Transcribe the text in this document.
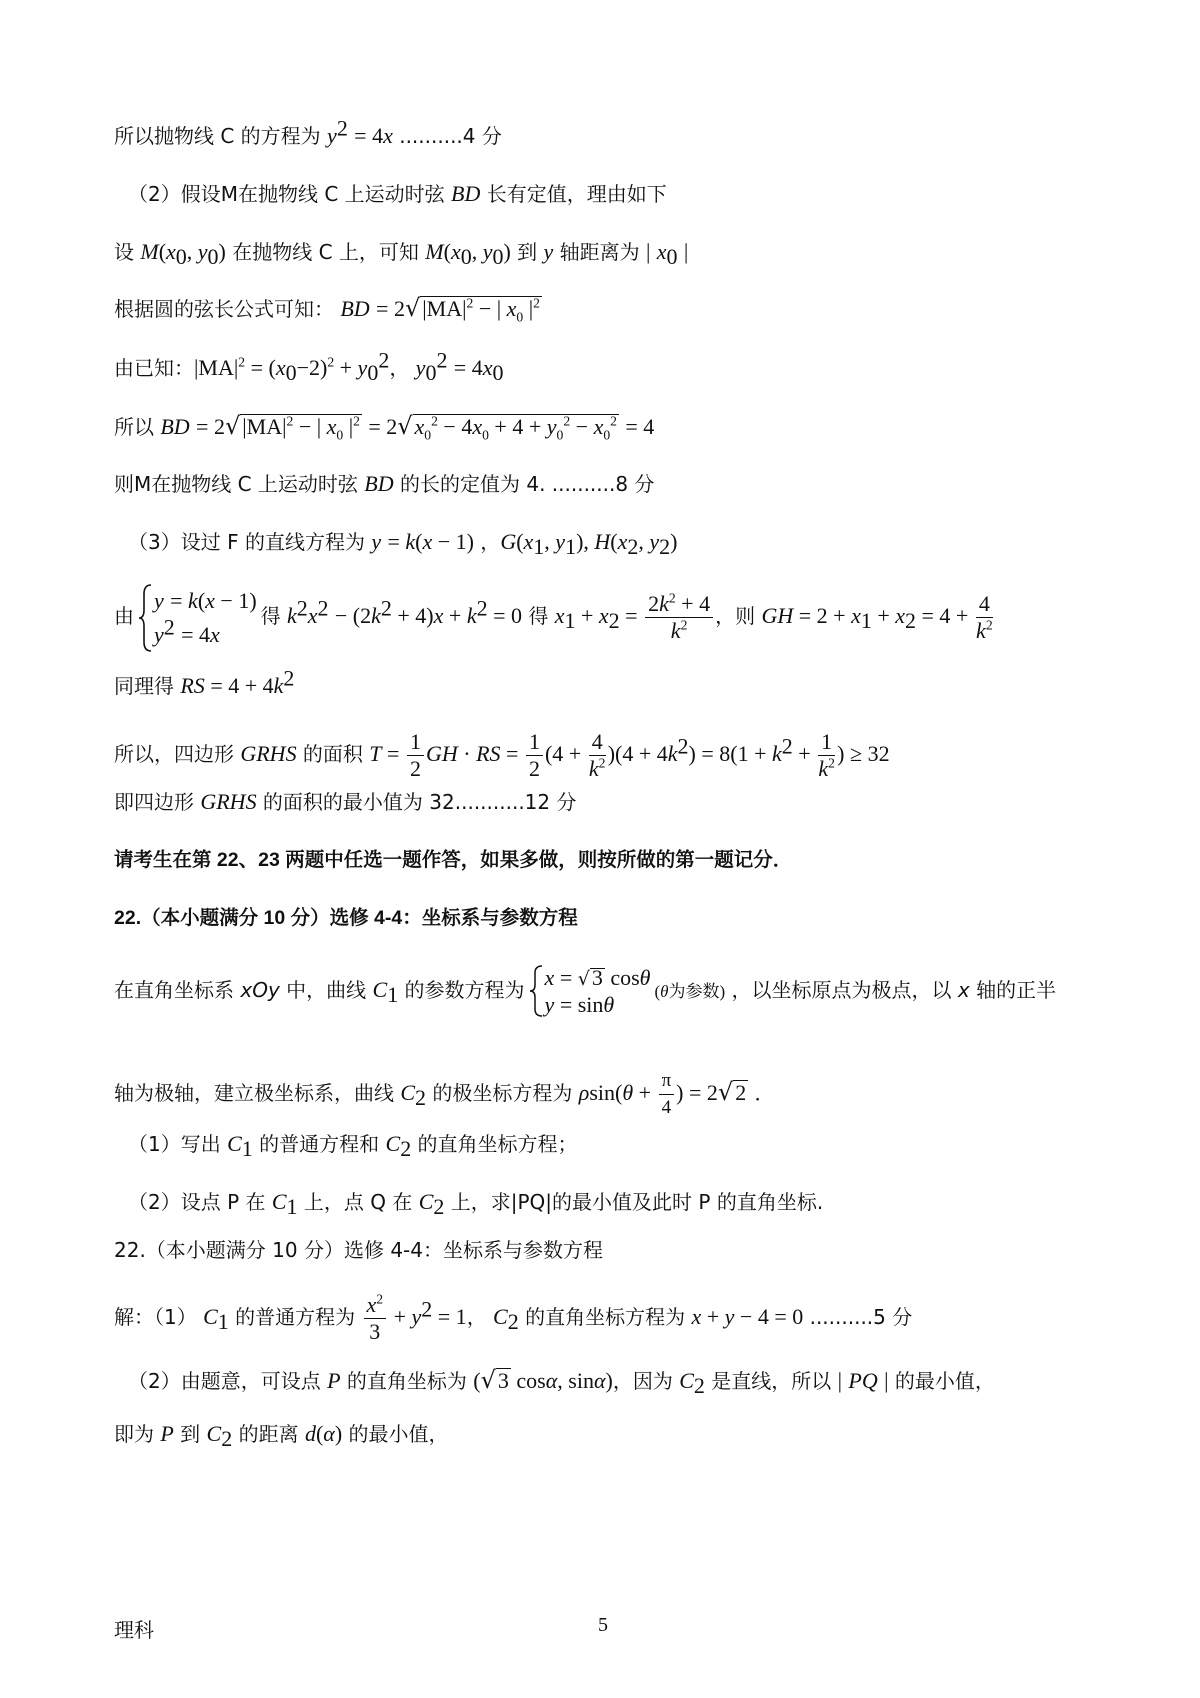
所以抛物线 C 的方程为 $y^2 = 4x$ ..........4 分
（2）假设M在抛物线 C 上运动时弦 BD 长有定值，理由如下
设 $M(x_0$, $y_0$) 在抛物线 C 上，可知 $M(x_0$, $y_0$) 到 y 轴距离为 | $x_0$ |
根据圆的弦长公式可知： BD = $2√|MA|^2$ − | $x_0$ $|^2$
由已知：$|MA|^2 = (x_0-2)^2 + y_0^2$， $y_0^2 = 4x_0$
所以 BD = $2√|MA|^2$ − | $x_0$ $|^2 = 2√x_0^2 - 4x_0 + 4 + y_0^2 - x_0^2 = 4$
则M在抛物线 C 上运动时弦 BD 的长的定值为 4. ..........8 分
（3）设过 F 的直线方程为 y = k(x − 1) ，$G(x_1$, $y_1$), $H(x_2$, $y_2$)
由
y = k(x − 1)
$y^2 = 4x$
得 $k^2x^2 - (2k^2 + 4)x + k^2 = 0$ 得 $x_1 + x_2 = \frac{2k^2 + 4}{k^2}$ ，则 GH = $2 + x_1 + x_2 = 4 + \frac{4}{k^2}$
同理得 RS = $4 + 4k^2$
所以，四边形 GRHS 的面积 $T = \frac{1}{2}$ GH · RS = $\frac{1}{2} (4 + \frac{4}{k^2} )(4 + 4k^2) = 8(1 + k^2 + \frac{1}{k^2}$ ) ≥ 32
即四边形 GRHS 的面积的最小值为 32...........12 分
请考生在第 22、23 两题中任选一题作答，如果多做，则按所做的第一题记分．
22.（本小题满分 10 分）选修 4-4：坐标系与参数方程
在直角坐标系 xOy 中，曲线 $C_1$ 的参数方程为
x = √3 cosθ
y = sinθ	(θ为参数) ，以坐标原点为极点，以 x 轴的正半
轴为极轴，建立极坐标系，曲线 $C_2$ 的极坐标方程为 $\rho\sin(\theta + \frac{\pi}{4}$ ) = 2√2 ．
（1）写出 $C_1$ 的普通方程和 $C_2$ 的直角坐标方程；
（2）设点 P 在 $C_1$ 上，点 Q 在 $C_2$ 上，求|PQ|的最小值及此时 P 的直角坐标.
22.（本小题满分 10 分）选修 4-4：坐标系与参数方程
解：（1） $C_1$ 的普通方程为 $\frac{x^2}{3} + y^2 = 1$， $C_2$ 的直角坐标方程为 x + y − 4 = 0 ..........5 分
（2）由题意，可设点 P 的直角坐标为 (√3 cosα, sinα)，因为 $C_2$ 是直线，所以 | PQ | 的最小值，
即为 P 到 $C_2$ 的距离 d(α) 的最小值，
理科	5
